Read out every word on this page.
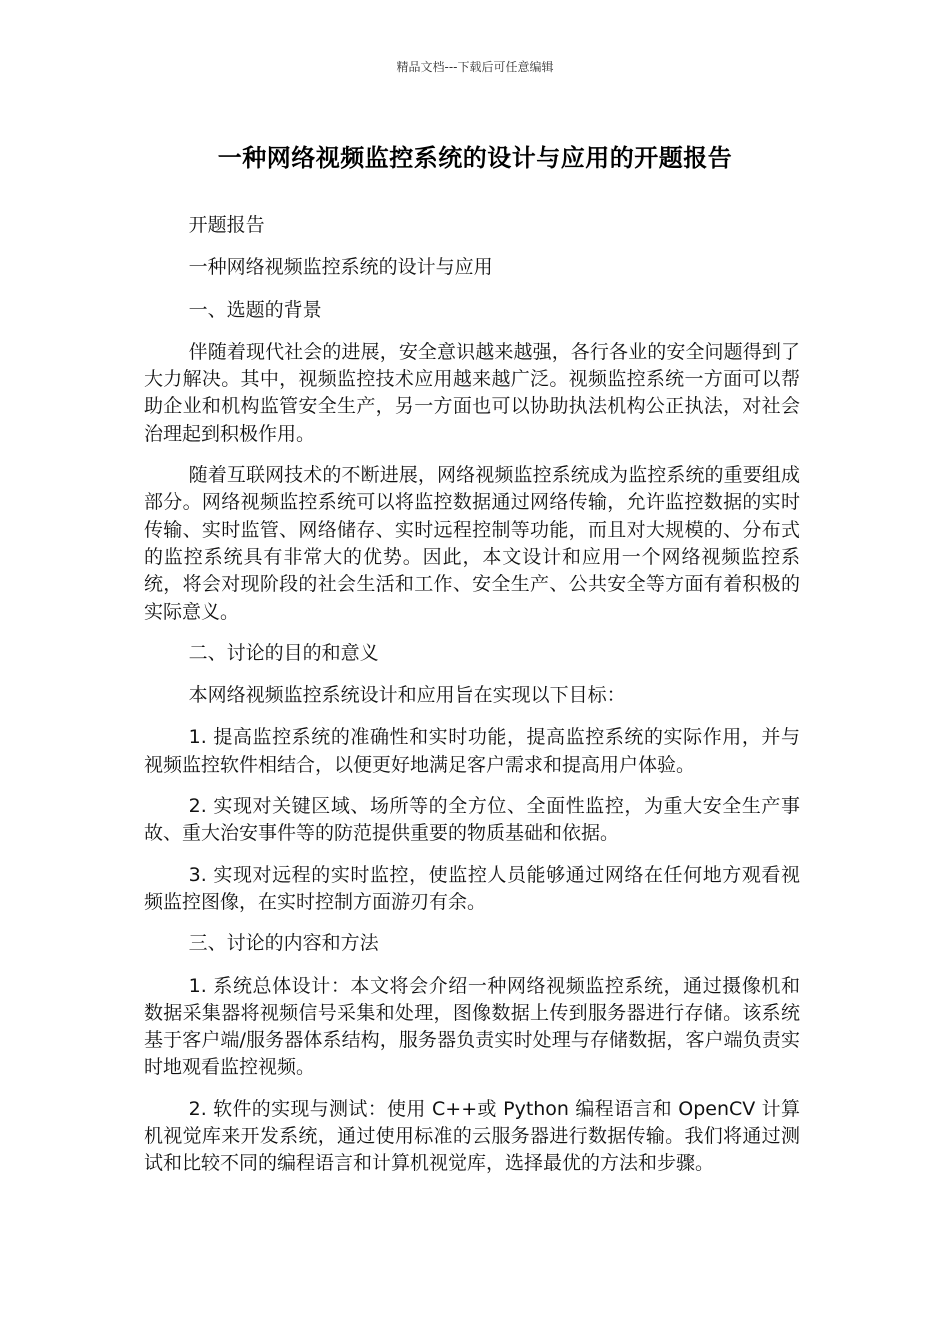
精品文档---下载后可任意编辑
一种网络视频监控系统的设计与应用的开题报告

开题报告

一种网络视频监控系统的设计与应用

一、选题的背景

伴随着现代社会的进展，安全意识越来越强，各行各业的安全问题得到了大力解决。其中，视频监控技术应用越来越广泛。视频监控系统一方面可以帮助企业和机构监管安全生产，另一方面也可以协助执法机构公正执法，对社会治理起到积极作用。

随着互联网技术的不断进展，网络视频监控系统成为监控系统的重要组成部分。网络视频监控系统可以将监控数据通过网络传输，允许监控数据的实时传输、实时监管、网络储存、实时远程控制等功能，而且对大规模的、分布式的监控系统具有非常大的优势。因此，本文设计和应用一个网络视频监控系统，将会对现阶段的社会生活和工作、安全生产、公共安全等方面有着积极的实际意义。

二、讨论的目的和意义

本网络视频监控系统设计和应用旨在实现以下目标：

1. 提高监控系统的准确性和实时功能，提高监控系统的实际作用，并与视频监控软件相结合，以便更好地满足客户需求和提高用户体验。

2. 实现对关键区域、场所等的全方位、全面性监控，为重大安全生产事故、重大治安事件等的防范提供重要的物质基础和依据。

3. 实现对远程的实时监控，使监控人员能够通过网络在任何地方观看视频监控图像，在实时控制方面游刃有余。

三、讨论的内容和方法

1. 系统总体设计：本文将会介绍一种网络视频监控系统，通过摄像机和数据采集器将视频信号采集和处理，图像数据上传到服务器进行存储。该系统基于客户端/服务器体系结构，服务器负责实时处理与存储数据，客户端负责实时地观看监控视频。

2. 软件的实现与测试：使用 C++或 Python 编程语言和 OpenCV 计算机视觉库来开发系统，通过使用标准的云服务器进行数据传输。我们将通过测试和比较不同的编程语言和计算机视觉库，选择最优的方法和步骤。
